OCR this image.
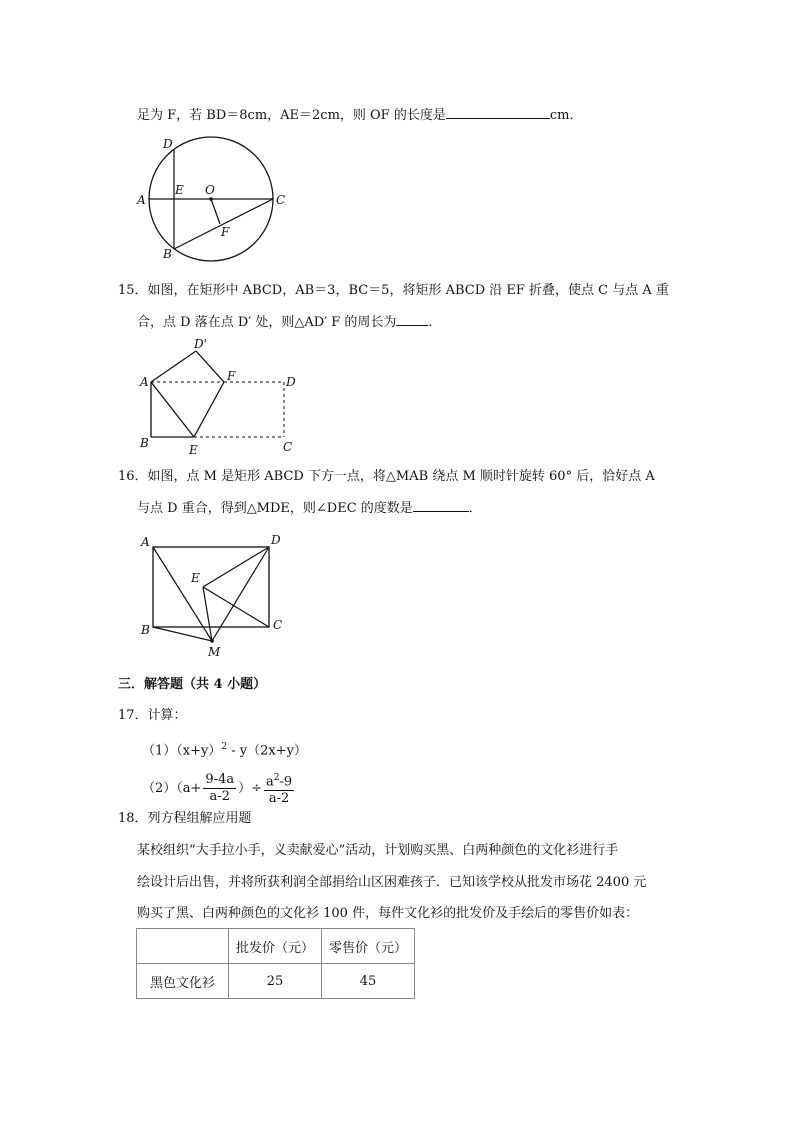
足为 F，若 BD＝8cm，AE＝2cm，则 OF 的长度是	cm．
D
E O
A	C
F
B
15．如图，在矩形中 ABCD，AB＝3，BC＝5，将矩形 ABCD 沿 EF 折叠，使点 C 与点 A 重
合，点 D 落在点 D′ 处，则△AD′ F 的周长为 ．
D'
A	F	D
B	E	C
16．如图，点 M 是矩形 ABCD 下方一点，将△MAB 绕点 M 顺时针旋转 60° 后，恰好点 A
与点 D 重合，得到△MDE，则∠DEC 的度数是	．
A	D
E
B	C
M
三．解答题（共 4 小题）
17．计算：
$(1)(x+y)^2 - y(2x+y)$
$(2)(a+ \frac{9-4a}{a-2}$ ）÷ $\frac{a^2-9}{a-2}$
18．列方程组解应用题
某校组织“大手拉小手，义卖献爱心”活动，计划购买黑、白两种颜色的文化衫进行手
绘设计后出售，并将所获利润全部捐给山区困难孩子．已知该学校从批发市场花 2400 元
购买了黑、白两种颜色的文化衫 100 件，每件文化衫的批发价及手绘后的零售价如表：
	批发价（元）	零售价（元）
黑色文化衫	25	45
